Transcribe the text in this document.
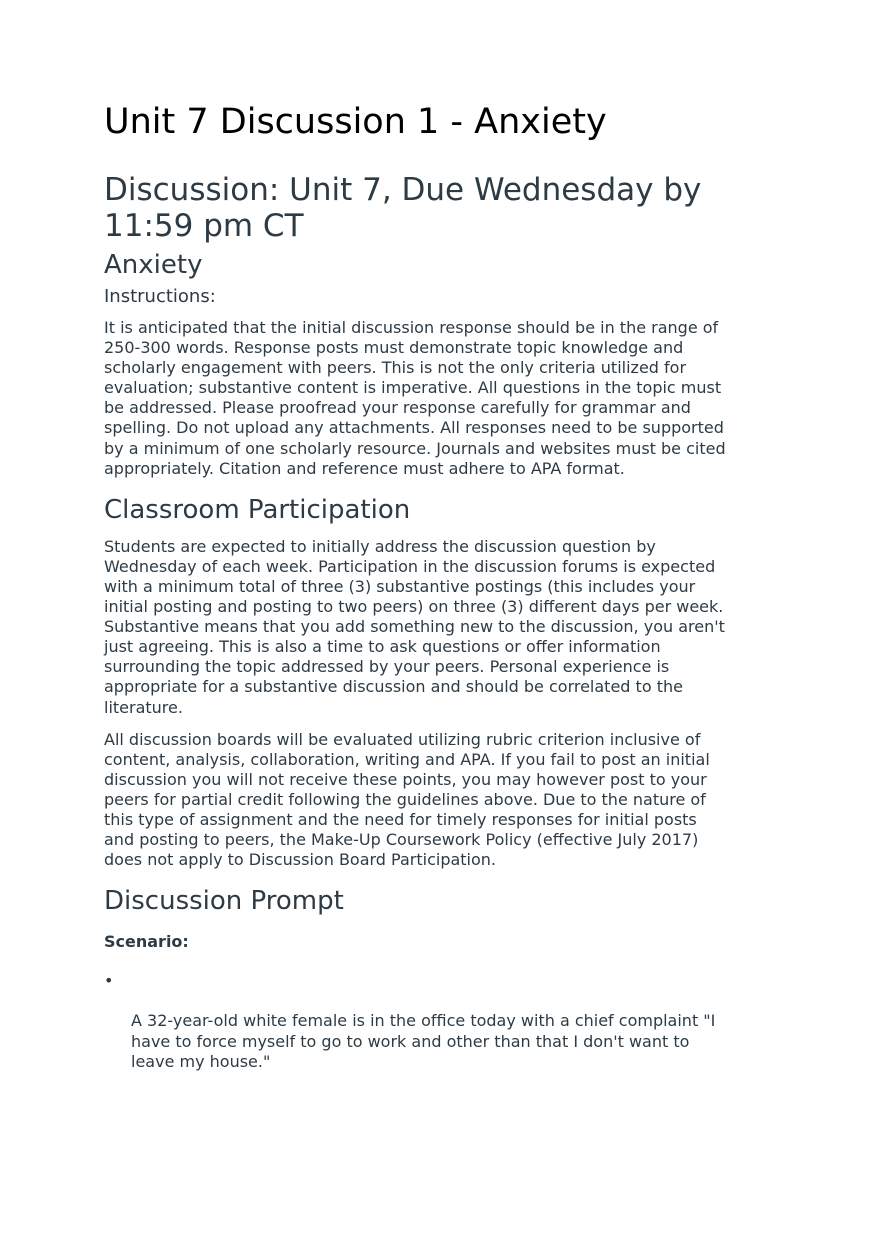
Unit 7 Discussion 1 - Anxiety
Discussion: Unit 7, Due Wednesday by
11:59 pm CT
Anxiety
Instructions:

It is anticipated that the initial discussion response should be in the range of
250-300 words. Response posts must demonstrate topic knowledge and
scholarly engagement with peers. This is not the only criteria utilized for
evaluation; substantive content is imperative. All questions in the topic must
be addressed. Please proofread your response carefully for grammar and
spelling. Do not upload any attachments. All responses need to be supported
by a minimum of one scholarly resource. Journals and websites must be cited
appropriately. Citation and reference must adhere to APA format.

Classroom Participation

Students are expected to initially address the discussion question by
Wednesday of each week. Participation in the discussion forums is expected
with a minimum total of three (3) substantive postings (this includes your
initial posting and posting to two peers) on three (3) different days per week.
Substantive means that you add something new to the discussion, you aren't
just agreeing. This is also a time to ask questions or offer information
surrounding the topic addressed by your peers. Personal experience is
appropriate for a substantive discussion and should be correlated to the
literature.

All discussion boards will be evaluated utilizing rubric criterion inclusive of
content, analysis, collaboration, writing and APA. If you fail to post an initial
discussion you will not receive these points, you may however post to your
peers for partial credit following the guidelines above. Due to the nature of
this type of assignment and the need for timely responses for initial posts
and posting to peers, the Make-Up Coursework Policy (effective July 2017)
does not apply to Discussion Board Participation.

Discussion Prompt

Scenario:

•

A 32-year-old white female is in the ofﬁce today with a chief complaint "I
have to force myself to go to work and other than that I don't want to
leave my house."
